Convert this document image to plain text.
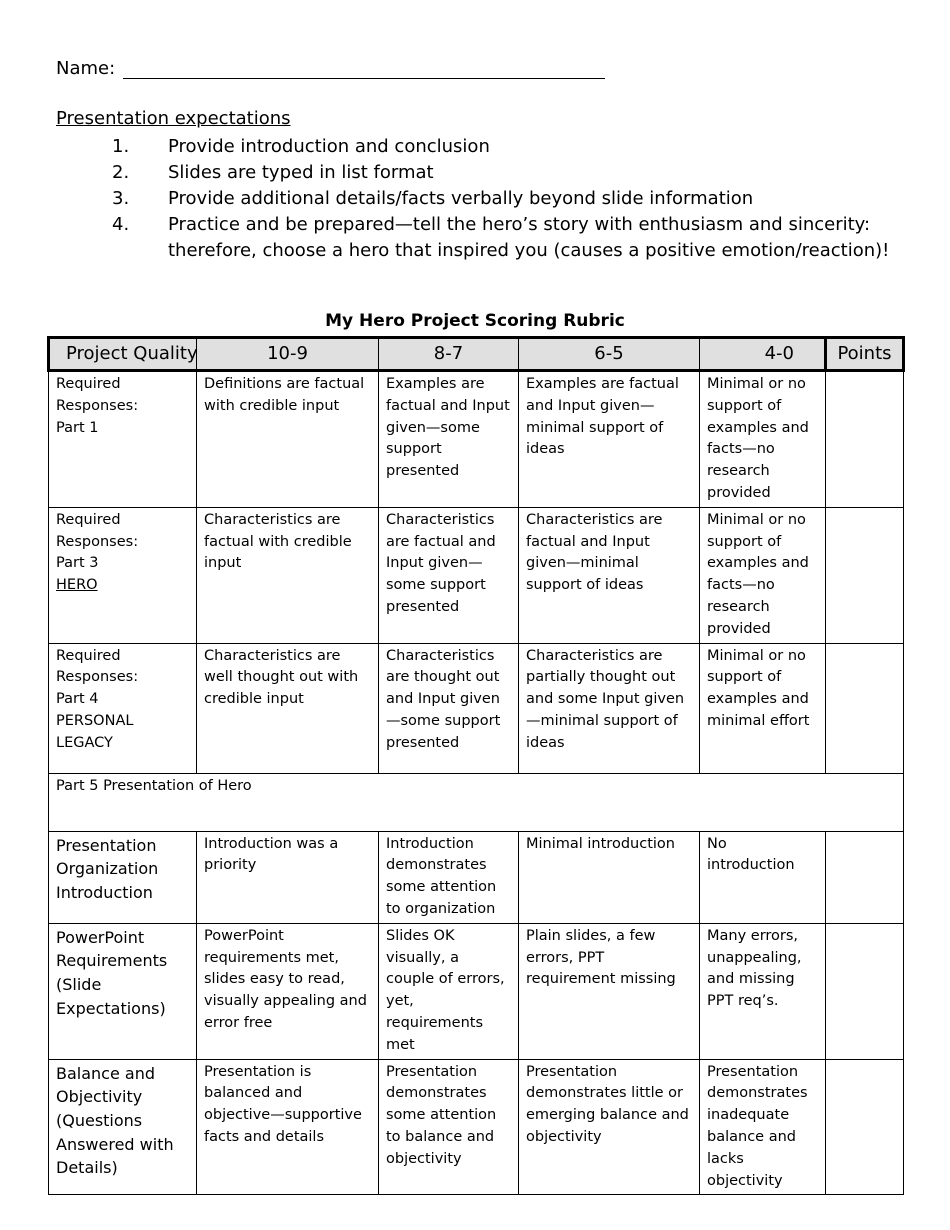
Name:
Presentation expectations
1.	Provide introduction and conclusion
2.	Slides are typed in list format
3.	Provide additional details/facts verbally beyond slide information
4.	Practice and be prepared—tell the hero’s story with enthusiasm and sincerity: therefore, choose a hero that inspired you (causes a positive emotion/reaction)!
My Hero Project Scoring Rubric
Project Quality	10-9	8-7	6-5	4-0	Points

Required
Responses:
Part 1	Definitions are factual with credible input	Examples are factual and Input given—some support presented	Examples are factual and Input given—minimal support of ideas	Minimal or no support of examples and facts—no research provided	

Required
Responses:
Part 3
HERO	Characteristics are factual with credible input	Characteristics are factual and Input given—some support presented	Characteristics are factual and Input given—minimal support of ideas	Minimal or no support of examples and facts—no research provided	

Required
Responses:
Part 4
PERSONAL
LEGACY	Characteristics are well thought out with credible input	Characteristics are thought out and Input given—some support presented	Characteristics are partially thought out and some Input given—minimal support of ideas	Minimal or no support of examples and minimal effort	
Part 5 Presentation of Hero					

Presentation
Organization
Introduction	Introduction was a priority	Introduction demonstrates some attention to organization	Minimal introduction	No introduction	

PowerPoint
Requirements
(Slide
Expectations)	PowerPoint requirements met, slides easy to read, visually appealing and error free	Slides OK visually, a couple of errors, yet, requirements met	Plain slides, a few errors, PPT requirement missing	Many errors, unappealing, and missing PPT req’s.	

Balance and
Objectivity
(Questions
Answered with
Details)	Presentation is balanced and objective—supportive facts and details	Presentation demonstrates some attention to balance and objectivity	Presentation demonstrates little or emerging balance and objectivity	Presentation demonstrates inadequate balance and lacks objectivity	
